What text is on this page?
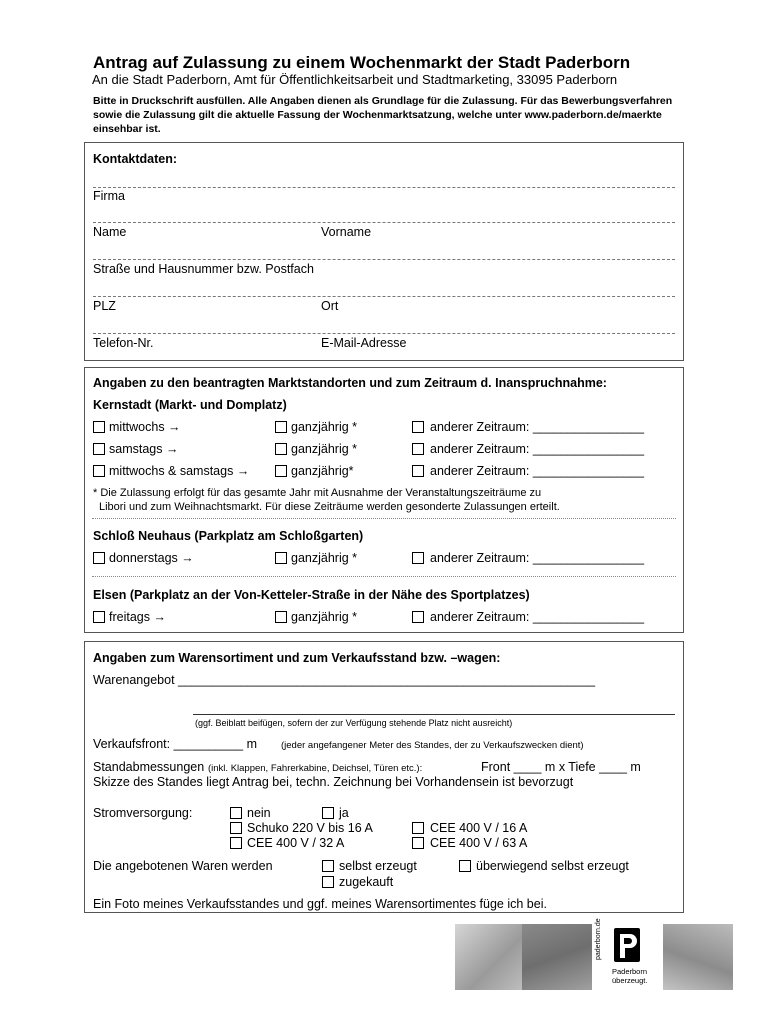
Antrag auf Zulassung zu einem Wochenmarkt der Stadt Paderborn
An die Stadt Paderborn, Amt für Öffentlichkeitsarbeit und Stadtmarketing, 33095 Paderborn
Bitte in Druckschrift ausfüllen. Alle Angaben dienen als Grundlage für die Zulassung. Für das Bewerbungsverfahren sowie die Zulassung gilt die aktuelle Fassung der Wochenmarktsatzung, welche unter www.paderborn.de/maerkte einsehbar ist.
Kontaktdaten:
Firma
Name	Vorname
Straße und Hausnummer bzw. Postfach
PLZ	Ort
Telefon-Nr.	E-Mail-Adresse
Angaben zu den beantragten Marktstandorten und zum Zeitraum d. Inanspruchnahme:
Kernstadt (Markt- und Domplatz)
mittwochs →	ganzjährig *	anderer Zeitraum: ________________
samstags →	ganzjährig *	anderer Zeitraum: ________________
mittwochs & samstags →	ganzjährig*	anderer Zeitraum: ________________
* Die Zulassung erfolgt für das gesamte Jahr mit Ausnahme der Veranstaltungszeiträume zu
Libori und zum Weihnachtsmarkt. Für diese Zeiträume werden gesonderte Zulassungen erteilt.
Schloß Neuhaus (Parkplatz am Schloßgarten)
donnerstags →	ganzjährig *	anderer Zeitraum: ________________
Elsen (Parkplatz an der Von-Ketteler-Straße in der Nähe des Sportplatzes)
freitags →	ganzjährig *	anderer Zeitraum: ________________
Angaben zum Warensortiment und zum Verkaufsstand bzw. –wagen:
Warenangebot ____________________________________________________________
(ggf. Beiblatt beifügen, sofern der zur Verfügung stehende Platz nicht ausreicht)
Verkaufsfront: __________ m	(jeder angefangener Meter des Standes, der zu Verkaufszwecken dient)
Standabmessungen (inkl. Klappen, Fahrerkabine, Deichsel, Türen etc.):	Front ____ m x Tiefe ____ m
Skizze des Standes liegt Antrag bei, techn. Zeichnung bei Vorhandensein ist bevorzugt
Stromversorgung:	nein	ja
Schuko 220 V bis 16 A	CEE 400 V / 16 A
CEE 400 V / 32 A	CEE 400 V / 63 A
Die angebotenen Waren werden	selbst erzeugt	überwiegend selbst erzeugt
zugekauft
Ein Foto meines Verkaufsstandes und ggf. meines Warensortimentes füge ich bei.
paderborn.de
Paderborn
überzeugt.
